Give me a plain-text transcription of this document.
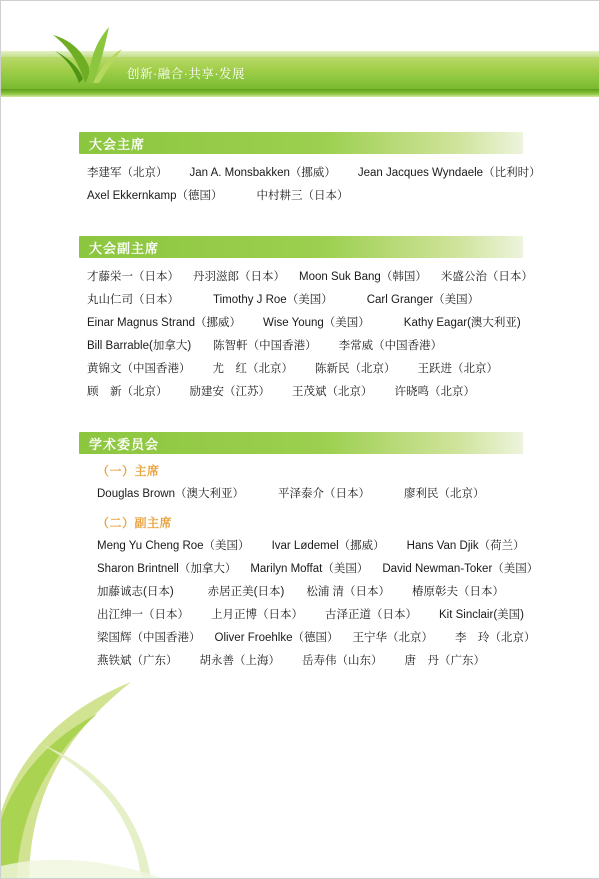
创新·融合·共享·发展
大会主席
李建军（北京） Jan A. Monsbakken（挪威） Jean Jacques Wyndaele（比利时）
Axel Ekkernkamp（德国）	中村耕三（日本）
大会副主席
才藤栄一（日本） 丹羽滋郎（日本） Moon Suk Bang（韩国） 米盛公治（日本）
丸山仁司（日本）	Timothy J Roe（美国）	Carl Granger（美国）
Einar Magnus Strand（挪威） Wise Young（美国）	Kathy Eagar(澳大利亚)
Bill Barrable(加拿大) 陈智軒（中国香港） 李常威（中国香港）
黄锦文（中国香港） 尤　红（北京） 陈新民（北京） 王跃进（北京）
顾　新（北京） 励建安（江苏） 王茂斌（北京） 许晓鸣（北京）
学术委员会
（一）主席
Douglas Brown（澳大利亚）	平泽泰介（日本）	廖利民（北京）
（二）副主席
Meng Yu Cheng Roe（美国） Ivar Lødemel（挪威） Hans Van Djik（荷兰）
Sharon Brintnell（加拿大） Marilyn Moffat（美国） David Newman-Toker（美国）
加藤诚志(日本)	赤居正美(日本) 松浦 清（日本） 椿原彰夫（日本）
出江绅一（日本） 上月正博（日本） 古泽正道（日本） Kit Sinclair(美国)
梁国辉（中国香港） Oliver Froehlke（德国） 王宁华（北京） 李　玲（北京）
燕铁斌（广东） 胡永善（上海） 岳寿伟（山东） 唐　丹（广东）
